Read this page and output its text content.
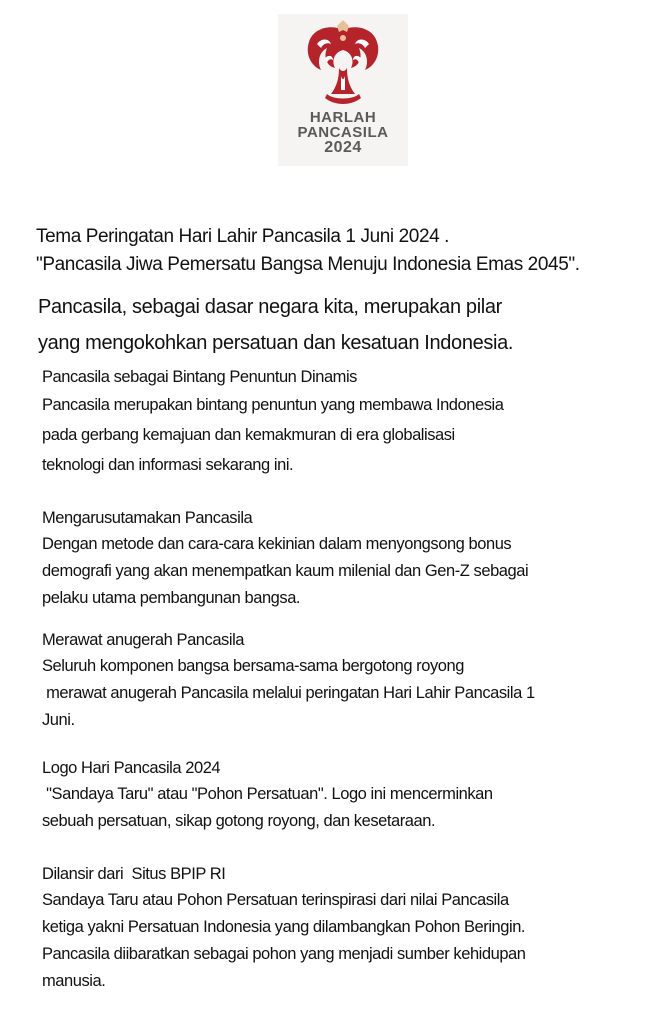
HARLAH
PANCASILA
2024
Tema Peringatan Hari Lahir Pancasila 1 Juni 2024 .
"Pancasila Jiwa Pemersatu Bangsa Menuju Indonesia Emas 2045".
Pancasila, sebagai dasar negara kita, merupakan pilar
yang mengokohkan persatuan dan kesatuan Indonesia.
Pancasila sebagai Bintang Penuntun Dinamis
Pancasila merupakan bintang penuntun yang membawa Indonesia
pada gerbang kemajuan dan kemakmuran di era globalisasi
teknologi dan informasi sekarang ini.
Mengarusutamakan Pancasila
Dengan metode dan cara-cara kekinian dalam menyongsong bonus
demografi yang akan menempatkan kaum milenial dan Gen-Z sebagai
pelaku utama pembangunan bangsa.
Merawat anugerah Pancasila
Seluruh komponen bangsa bersama-sama bergotong royong
merawat anugerah Pancasila melalui peringatan Hari Lahir Pancasila 1
Juni.
Logo Hari Pancasila 2024
"Sandaya Taru" atau "Pohon Persatuan". Logo ini mencerminkan
sebuah persatuan, sikap gotong royong, dan kesetaraan.
Dilansir dari  Situs BPIP RI
Sandaya Taru atau Pohon Persatuan terinspirasi dari nilai Pancasila
ketiga yakni Persatuan Indonesia yang dilambangkan Pohon Beringin.
Pancasila diibaratkan sebagai pohon yang menjadi sumber kehidupan
manusia.
